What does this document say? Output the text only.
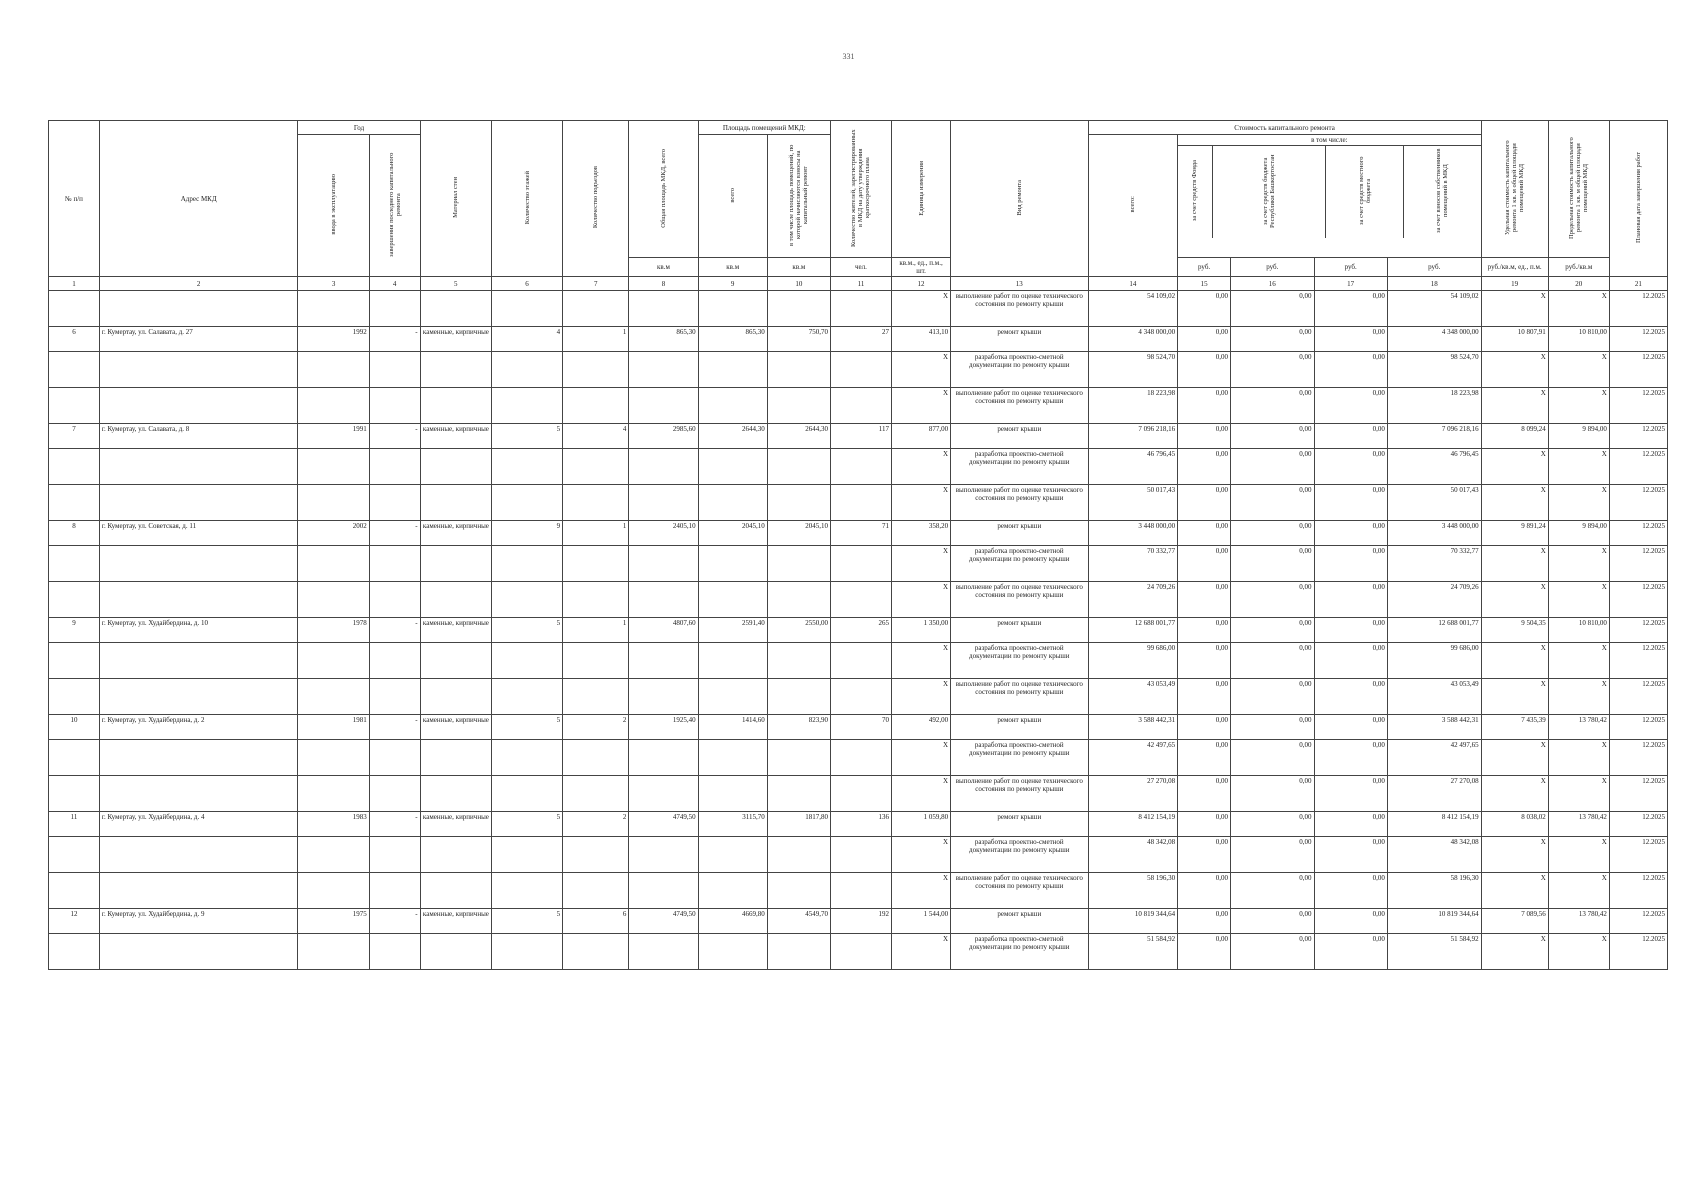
331
№ п/п	Адрес МКД	Год	Материал стен	Количество этажей	Количество подъездов	Общая площадь МКД, всего	Площадь помещений МКД:	Количество жителей, зарегистрированных в МКД на дату утверждения краткосрочного плана	Единица измерения	Вид ремонта	Стоимость капитального ремонта	Удельная стоимость капитального ремонта 1 кв. м общей площади помещений МКД	Предельная стоимость капитального ремонта 1 кв. м общей площади помещений МКД	Плановая дата завершения работ
ввода в эксплуатацию	завершения последнего капитального ремонта	всего	в том числе площадь помещений, по которой начисляются взносы на капитальный ремонт	всего:	
в том числе:
за счет средств Фонда	за счет средств бюджета Республики Башкортостан	за счет средств местного бюджета	за счет взносов собственников помещений в МКД

кв.м	кв.м	кв.м	чел.	кв.м., ед., п.м., шт.	руб.	руб.	руб.	руб.	руб./кв.м, ед., п.м.	руб./кв.м
1	2	3	4	5	6	7	8	9	10	11	12	13	14	15	16	17	18	19	20	21
											X	выполнение работ по оценке технического состояния по ремонту крыши	54 109,02	0,00	0,00	0,00	54 109,02	X	X	12.2025
6	г. Кумертау, ул. Салавата, д. 27	1992	-	каменные, кирпичные	4	1	865,30	865,30	750,70	27	413,10	ремонт крыши	4 348 000,00	0,00	0,00	0,00	4 348 000,00	10 807,91	10 810,00	12.2025
											X	разработка проектно-сметной документации по ремонту крыши	98 524,70	0,00	0,00	0,00	98 524,70	X	X	12.2025
											X	выполнение работ по оценке технического состояния по ремонту крыши	18 223,98	0,00	0,00	0,00	18 223,98	X	X	12.2025
7	г. Кумертау, ул. Салавата, д. 8	1991	-	каменные, кирпичные	5	4	2985,60	2644,30	2644,30	117	877,00	ремонт крыши	7 096 218,16	0,00	0,00	0,00	7 096 218,16	8 099,24	9 894,00	12.2025
											X	разработка проектно-сметной документации по ремонту крыши	46 796,45	0,00	0,00	0,00	46 796,45	X	X	12.2025
											X	выполнение работ по оценке технического состояния по ремонту крыши	50 017,43	0,00	0,00	0,00	50 017,43	X	X	12.2025
8	г. Кумертау, ул. Советская, д. 11	2002	-	каменные, кирпичные	9	1	2405,10	2045,10	2045,10	71	358,20	ремонт крыши	3 448 000,00	0,00	0,00	0,00	3 448 000,00	9 891,24	9 894,00	12.2025
											X	разработка проектно-сметной документации по ремонту крыши	70 332,77	0,00	0,00	0,00	70 332,77	X	X	12.2025
											X	выполнение работ по оценке технического состояния по ремонту крыши	24 709,26	0,00	0,00	0,00	24 709,26	X	X	12.2025
9	г. Кумертау, ул. Худайбердина, д. 10	1978	-	каменные, кирпичные	5	1	4807,60	2591,40	2550,00	265	1 350,00	ремонт крыши	12 688 001,77	0,00	0,00	0,00	12 688 001,77	9 504,35	10 810,00	12.2025
											X	разработка проектно-сметной документации по ремонту крыши	99 686,00	0,00	0,00	0,00	99 686,00	X	X	12.2025
											X	выполнение работ по оценке технического состояния по ремонту крыши	43 053,49	0,00	0,00	0,00	43 053,49	X	X	12.2025
10	г. Кумертау, ул. Худайбердина, д. 2	1981	-	каменные, кирпичные	5	2	1925,40	1414,60	823,90	70	492,00	ремонт крыши	3 588 442,31	0,00	0,00	0,00	3 588 442,31	7 435,39	13 780,42	12.2025
											X	разработка проектно-сметной документации по ремонту крыши	42 497,65	0,00	0,00	0,00	42 497,65	X	X	12.2025
											X	выполнение работ по оценке технического состояния по ремонту крыши	27 270,08	0,00	0,00	0,00	27 270,08	X	X	12.2025
11	г. Кумертау, ул. Худайбердина, д. 4	1983	-	каменные, кирпичные	5	2	4749,50	3115,70	1817,80	136	1 059,80	ремонт крыши	8 412 154,19	0,00	0,00	0,00	8 412 154,19	8 038,02	13 780,42	12.2025
											X	разработка проектно-сметной документации по ремонту крыши	48 342,08	0,00	0,00	0,00	48 342,08	X	X	12.2025
											X	выполнение работ по оценке технического состояния по ремонту крыши	58 196,30	0,00	0,00	0,00	58 196,30	X	X	12.2025
12	г. Кумертау, ул. Худайбердина, д. 9	1975	-	каменные, кирпичные	5	6	4749,50	4669,80	4549,70	192	1 544,00	ремонт крыши	10 819 344,64	0,00	0,00	0,00	10 819 344,64	7 089,56	13 780,42	12.2025
											X	разработка проектно-сметной документации по ремонту крыши	51 584,92	0,00	0,00	0,00	51 584,92	X	X	12.2025
